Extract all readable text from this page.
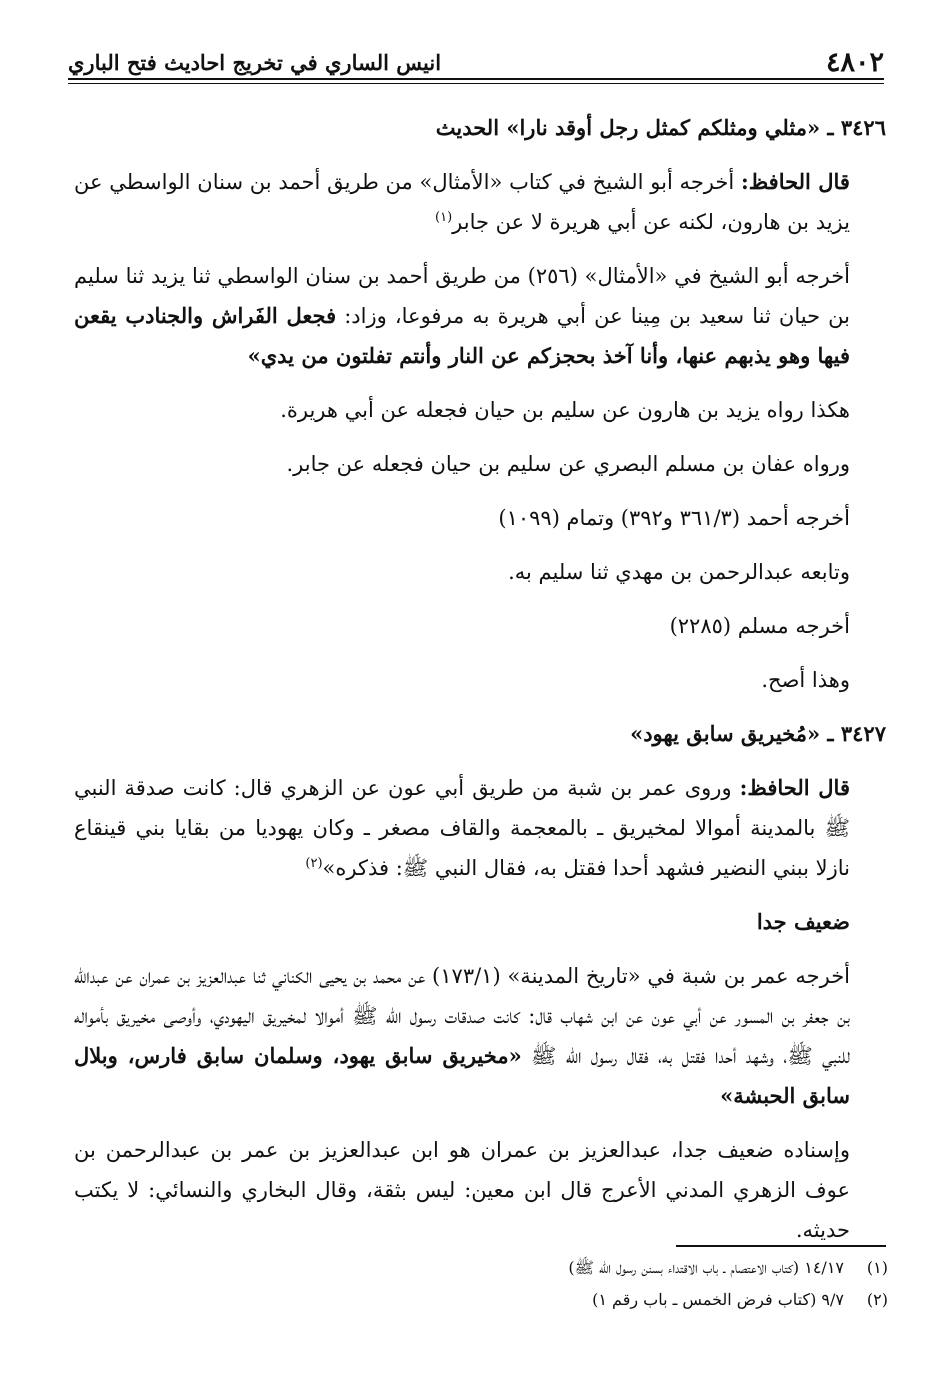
٤٨٠٢
انيس الساري في تخريج احاديث فتح الباري

٣٤٢٦ ـ «مثلي ومثلكم كمثل رجل أوقد نارا» الحديث

قال الحافظ: أخرجه أبو الشيخ في كتاب «الأمثال» من طريق أحمد بن سنان الواسطي عن يزيد بن هارون، لكنه عن أبي هريرة لا عن جابر$^{(١)}$

أخرجه أبو الشيخ في «الأمثال» (٢٥٦) من طريق أحمد بن سنان الواسطي ثنا يزيد ثنا سليم بن حيان ثنا سعيد بن مِينا عن أبي هريرة به مرفوعا، وزاد: فجعل الفَراش والجنادب يقعن فيها وهو يذبهم عنها، وأنا آخذ بحجزكم عن النار وأنتم تفلتون من يدي»

هكذا رواه يزيد بن هارون عن سليم بن حيان فجعله عن أبي هريرة.

ورواه عفان بن مسلم البصري عن سليم بن حيان فجعله عن جابر.

أخرجه أحمد (٣٦١/٣ و٣٩٢) وتمام (١٠٩٩)

وتابعه عبدالرحمن بن مهدي ثنا سليم به.

أخرجه مسلم (٢٢٨٥)

وهذا أصح.

٣٤٢٧ ـ «مُخيريق سابق يهود»

قال الحافظ: وروى عمر بن شبة من طريق أبي عون عن الزهري قال: كانت صدقة النبي ﷺ بالمدينة أموالا لمخيريق ـ بالمعجمة والقاف مصغر ـ وكان يهوديا من بقايا بني قينقاع نازلا ببني النضير فشهد أحدا فقتل به، فقال النبي ﷺ: فذكره»$^{(٢)}$

ضعيف جدا

أخرجه عمر بن شبة في «تاريخ المدينة» (١٧٣/١) عن محمد بن يحيى الكناني ثنا عبدالعزيز بن عمران عن عبدالله بن جعفر بن المسور عن أبي عون عن ابن شهاب قال: كانت صدقات رسول الله ﷺ أموالا لمخيريق اليهودي، وأوصى مخيريق بأمواله للنبي ﷺ، وشهد أحدا فقتل به، فقال رسول الله ﷺ «مخيريق سابق يهود، وسلمان سابق فارس، وبلال سابق الحبشة»

وإسناده ضعيف جدا، عبدالعزيز بن عمران هو ابن عبدالعزيز بن عمر بن عبدالرحمن بن عوف الزهري المدني الأعرج قال ابن معين: ليس بثقة، وقال البخاري والنسائي: لا يكتب حديثه.

(١)١٤/١٧ (كتاب الاعتصام ـ باب الاقتداء بسنن رسول الله ﷺ)

(٢)٩/٧ (كتاب فرض الخمس ـ باب رقم ١)
